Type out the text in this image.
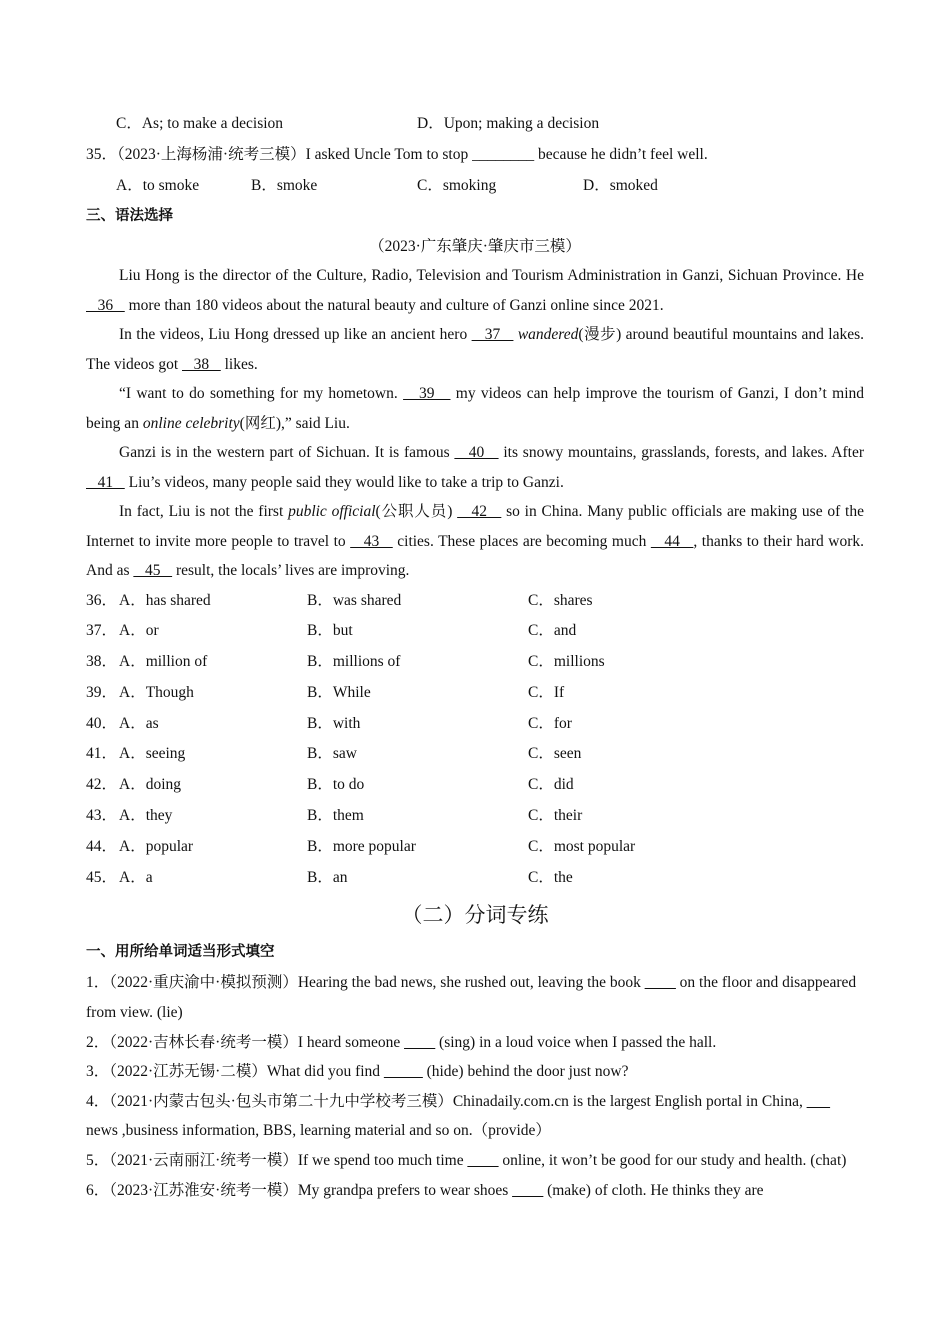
C．As; to make a decision	D．Upon; making a decision
35．（2023·上海杨浦·统考三模）I asked Uncle Tom to stop ________ because he didn’t feel well.
A．to smoke	B．smoke	C．smoking	D．smoked
三、语法选择
（2023·广东肇庆·肇庆市三模）

Liu Hong is the director of the Culture, Radio, Television and Tourism Administration in Ganzi, Sichuan Province. He    36    more than 180 videos about the natural beauty and culture of Ganzi online since 2021.

In the videos, Liu Hong dressed up like an ancient hero    37    wandered(漫步) around beautiful mountains and lakes. The videos got    38    likes.

“I want to do something for my hometown.    39    my videos can help improve the tourism of Ganzi, I don’t mind being an online celebrity(网红),” said Liu.

Ganzi is in the western part of Sichuan. It is famous    40    its snowy mountains, grasslands, forests, and lakes. After    41    Liu’s videos, many people said they would like to take a trip to Ganzi.

In fact, Liu is not the first public official(公职人员)    42    so in China. Many public officials are making use of the Internet to invite more people to travel to    43    cities. These places are becoming much    44   , thanks to their hard work. And as    45    result, the locals’ lives are improving.

36． A．has shared	B．was shared	C．shares
37． A．or	B．but	C．and
38． A．million of	B．millions of	C．millions
39． A．Though	B．While	C．If
40． A．as	B．with	C．for
41． A．seeing	B．saw	C．seen
42． A．doing	B．to do	C．did
43． A．they	B．them	C．their
44． A．popular	B．more popular	C．most popular
45． A．a	B．an	C．the
（二）分词专练
一、用所给单词适当形式填空

1．（2022·重庆渝中·模拟预测）Hearing the bad news, she rushed out, leaving the book ____ on the floor and disappeared from view. (lie)

2．（2022·吉林长春·统考一模）I heard someone ____ (sing) in a loud voice when I passed the hall.

3．（2022·江苏无锡·二模）What did you find _____ (hide) behind the door just now?

4．（2021·内蒙古包头·包头市第二十九中学校考三模）Chinadaily.com.cn is the largest English portal in China, ___ news ,business information, BBS, learning material and so on.（provide）

5．（2021·云南丽江·统考一模）If we spend too much time ____ online, it won’t be good for our study and health. (chat)

6．（2023·江苏淮安·统考一模）My grandpa prefers to wear shoes ____ (make) of cloth. He thinks they are
